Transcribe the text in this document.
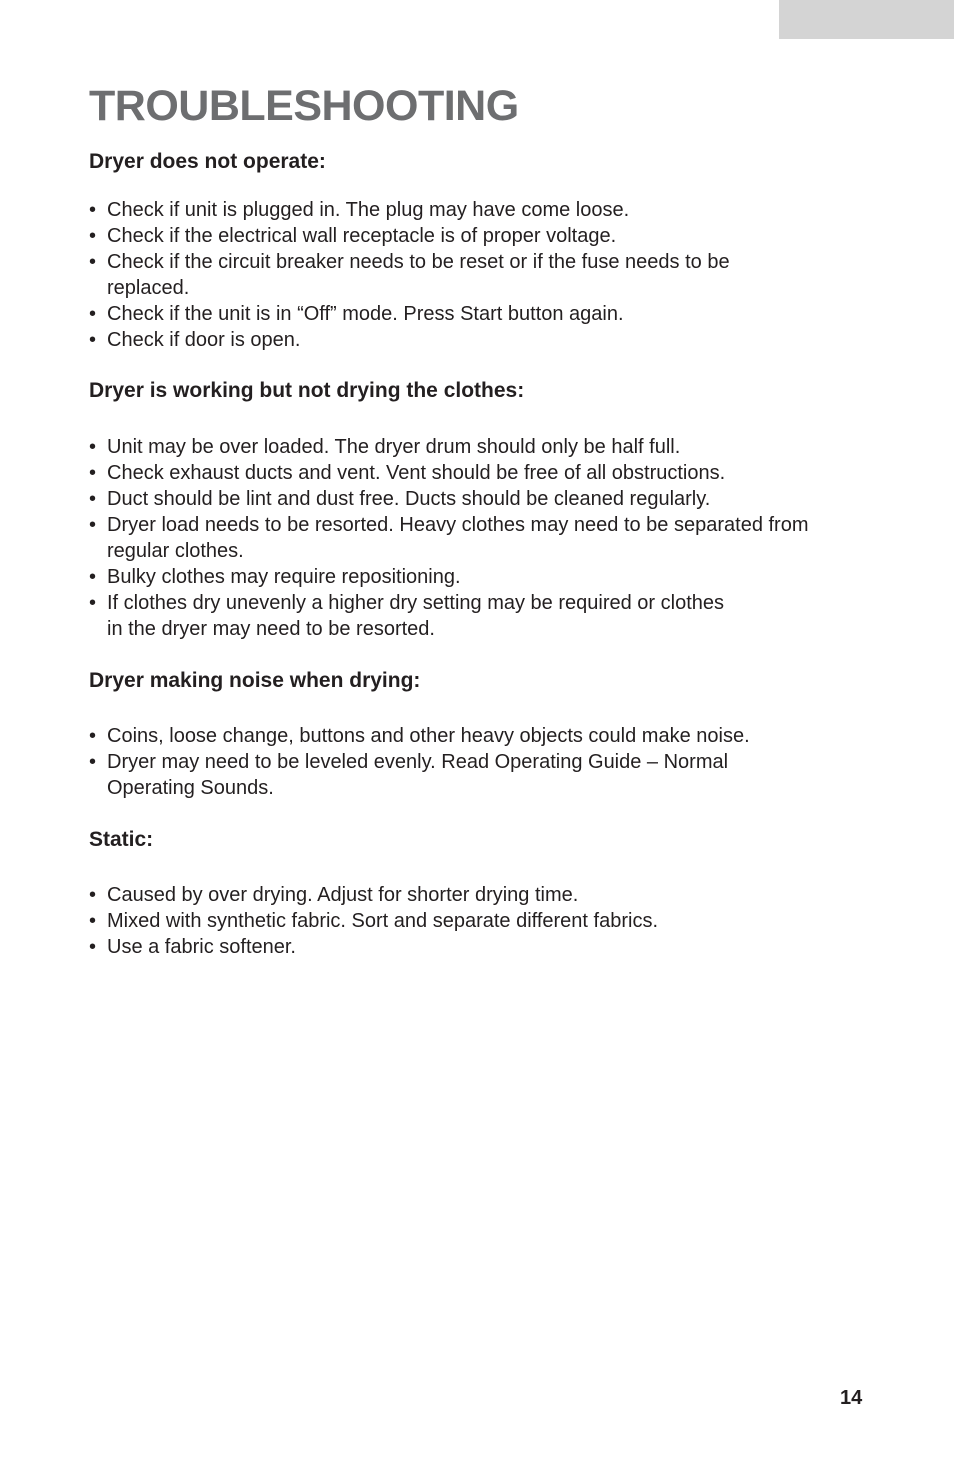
TROUBLESHOOTING
Dryer does not operate:
• Check if unit is plugged in. The plug may have come loose.
• Check if the electrical wall receptacle is of proper voltage.
• Check if the circuit breaker needs to be reset or if the fuse needs to be replaced.
• Check if the unit is in “Off” mode. Press Start button again.
• Check if door is open.
Dryer is working but not drying the clothes:
• Unit may be over loaded. The dryer drum should only be half full.
• Check exhaust ducts and vent. Vent should be free of all obstructions.
• Duct should be lint and dust free. Ducts should be cleaned regularly.
• Dryer load needs to be resorted. Heavy clothes may need to be separated from regular clothes.
• Bulky clothes may require repositioning.
• If clothes dry unevenly a higher dry setting may be required or clothes in the dryer may need to be resorted.
Dryer making noise when drying:
• Coins, loose change, buttons and other heavy objects could make noise.
• Dryer may need to be leveled evenly. Read Operating Guide – Normal Operating Sounds.
Static:
• Caused by over drying. Adjust for shorter drying time.
• Mixed with synthetic fabric. Sort and separate different fabrics.
• Use a fabric softener.
14
